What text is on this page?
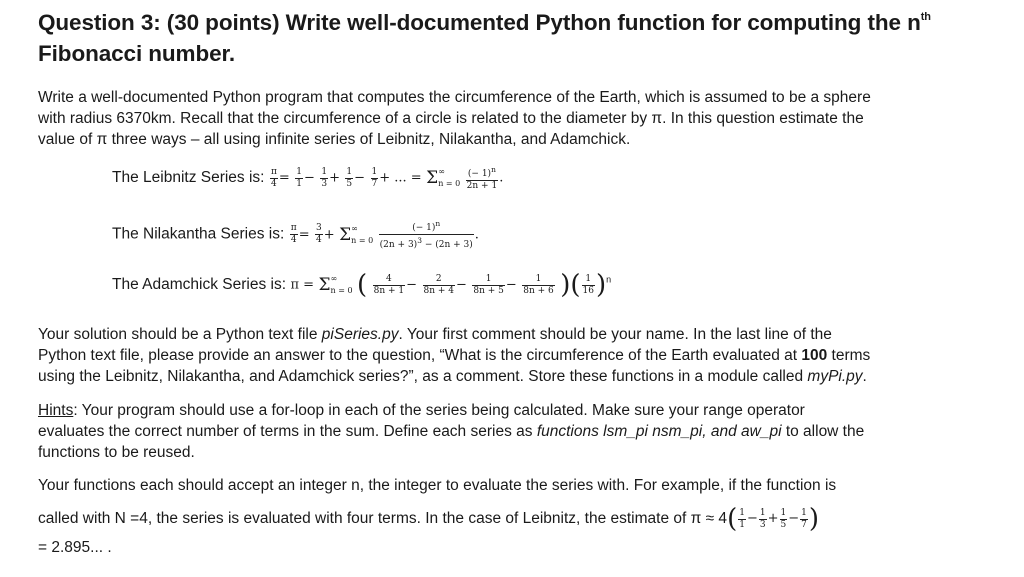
Question 3: (30 points) Write well-documented Python function for computing the $n^{th}$
Fibonacci number.
Write a well-documented Python program that computes the circumference of the Earth, which is assumed to be a sphere
with radius 6370km. Recall that the circumference of a circle is related to the diameter by π. In this question estimate the
value of π three ways – all using infinite series of Leibnitz, Nilakantha, and Adamchick.
The Leibnitz Series is: $\frac{\pi}{4} = \frac{1}{1} - \frac{1}{3} + \frac{1}{5} - \frac{1}{7}$ + ... = Σ ∞
n = 0
$\frac{(- 1)^n}{2n + 1}$ .
The Nilakantha Series is: $\frac{\pi}{4} = \frac{3}{4} + \Sigma$ ∞
n = 0
$\frac{(- 1)^n}{(2n + 3)^3 - (2n + 3)}$ .
The Adamchick Series is: π = Σ ∞
n = 0 ( $\frac{4}{8n + 1} - \frac{2}{8n + 4} - \frac{1}{8n + 5} - \frac{1}{8n + 6}$ )( $\frac{1}{16} )^n$
Your solution should be a Python text file piSeries.py. Your first comment should be your name. In the last line of the
Python text file, please provide an answer to the question, “What is the circumference of the Earth evaluated at 100 terms
using the Leibnitz, Nilakantha, and Adamchick series?”, as a comment. Store these functions in a module called myPi.py.
Hints: Your program should use a for-loop in each of the series being calculated. Make sure your range operator
evaluates the correct number of terms in the sum. Define each series as functions lsm_pi nsm_pi, and aw_pi to allow the
functions to be reused.
Your functions each should accept an integer n, the integer to evaluate the series with. For example, if the function is
called with N =4, the series is evaluated with four terms. In the case of Leibnitz, the estimate of $\pi \approx 4( \frac{1}{1} - \frac{1}{3} + \frac{1}{5} - \frac{1}{7}$ )
= 2.895... .
